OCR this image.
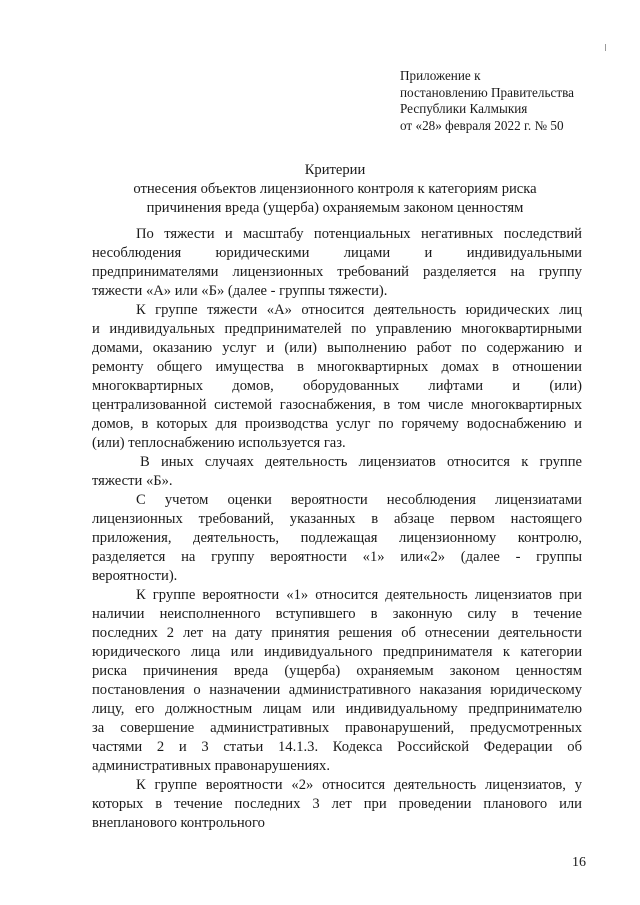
Приложение к
постановлению Правительства
Республики Калмыкия
от «28» февраля 2022 г. № 50
Критерии
отнесения объектов лицензионного контроля к категориям риска
причинения вреда (ущерба) охраняемым законом ценностям
По тяжести и масштабу потенциальных негативных последствий
несоблюдения юридическими лицами и индивидуальными
предпринимателями лицензионных требований разделяется на группу
тяжести «А» или «Б» (далее - группы тяжести).
К группе тяжести «А» относится деятельность юридических лиц
и индивидуальных предпринимателей по управлению многоквартирными
домами, оказанию услуг и (или) выполнению работ по содержанию и
ремонту общего имущества в многоквартирных домах в отношении
многоквартирных домов, оборудованных лифтами и (или)
централизованной системой газоснабжения, в том числе многоквартирных
домов, в которых для производства услуг по горячему водоснабжению и
(или) теплоснабжению используется газ.
В иных случаях деятельность лицензиатов относится к группе
тяжести «Б».
С учетом оценки вероятности несоблюдения лицензиатами
лицензионных требований, указанных в абзаце первом настоящего
приложения, деятельность, подлежащая лицензионному контролю,
разделяется на группу вероятности «1» или«2» (далее - группы
вероятности).
К группе вероятности «1» относится деятельность лицензиатов при
наличии неисполненного вступившего в законную силу в течение
последних 2 лет на дату принятия решения об отнесении деятельности
юридического лица или индивидуального предпринимателя к категории
риска причинения вреда (ущерба) охраняемым законом ценностям
постановления о назначении административного наказания юридическому
лицу, его должностным лицам или индивидуальному предпринимателю
за совершение административных правонарушений, предусмотренных
частями 2 и 3 статьи 14.1.3. Кодекса Российской Федерации об
административных правонарушениях.
К группе вероятности «2» относится деятельность лицензиатов, у
которых в течение последних 3 лет при проведении планового или
внепланового контрольного
16
